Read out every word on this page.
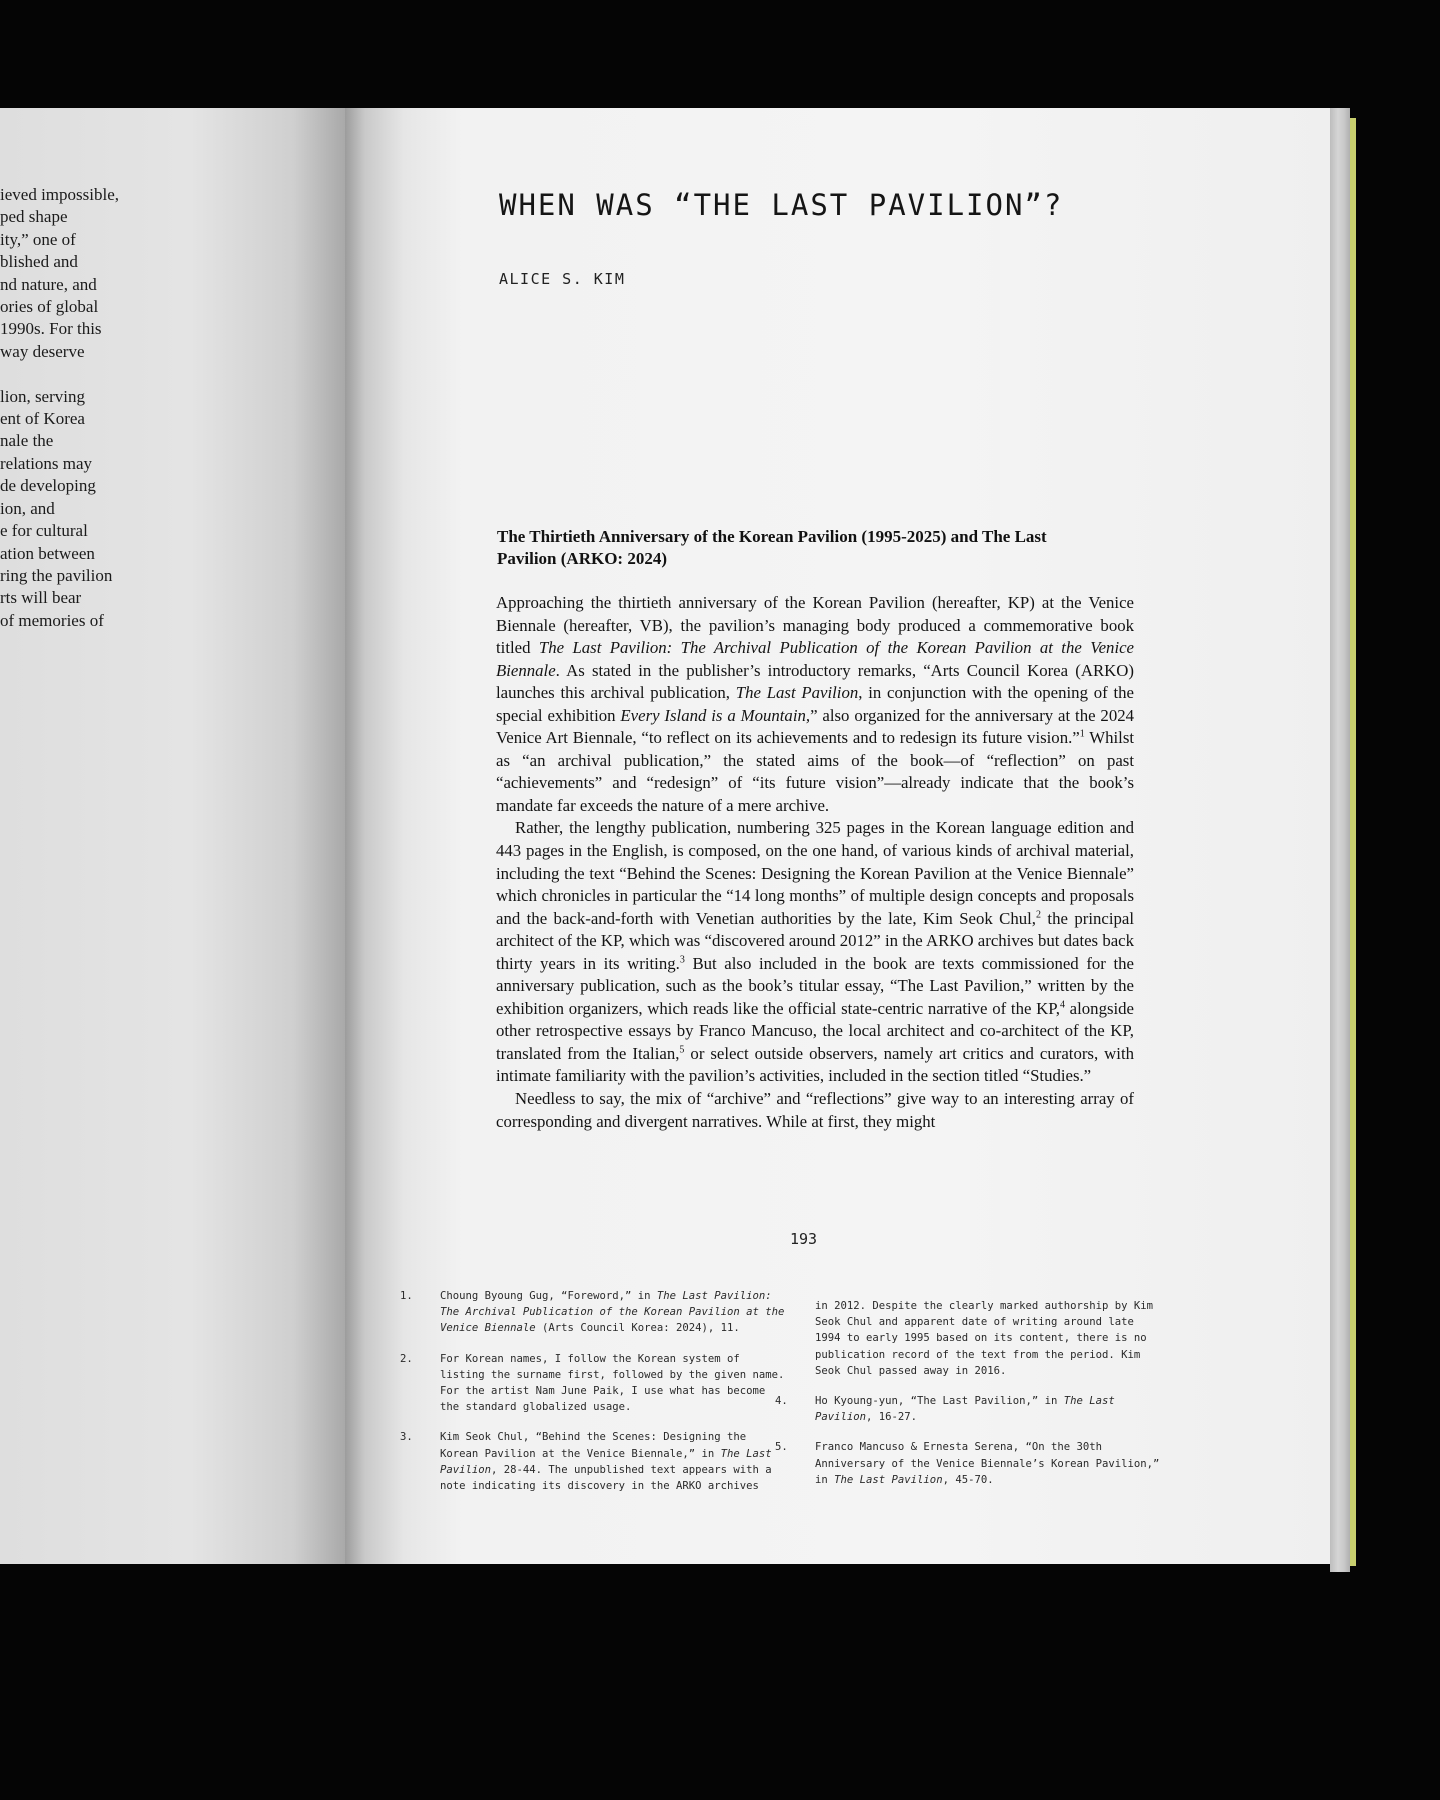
ieved impossible,
ped shape
ity,” one of
blished and
nd nature, and
ories of global
1990s. For this
way deserve

lion, serving
ent of Korea
nale the
relations may
de developing
ion, and
e for cultural
ation between
ring the pavilion
rts will bear
of memories of
WHEN WAS “THE LAST PAVILION”?
ALICE S. KIM
The Thirtieth Anniversary of the Korean Pavilion (1995-2025) and The Last Pavilion (ARKO: 2024)

Approaching the thirtieth anniversary of the Korean Pavilion (hereafter, KP) at the Venice Biennale (hereafter, VB), the pavilion’s managing body produced a commemorative book titled The Last Pavilion: The Archival Publication of the Korean Pavilion at the Venice Biennale. As stated in the publisher’s introductory remarks, “Arts Council Korea (ARKO) launches this archival publication, The Last Pavilion, in conjunction with the opening of the special exhibition Every Island is a Mountain,” also organized for the anniversary at the 2024 Venice Art Biennale, “to reflect on its achievements and to redesign its future vision.”$^1$ Whilst as “an archival publication,” the stated aims of the book—of “reflection” on past “achievements” and “redesign” of “its future vision”—already indicate that the book’s mandate far exceeds the nature of a mere archive.

Rather, the lengthy publication, numbering 325 pages in the Korean language edition and 443 pages in the English, is composed, on the one hand, of various kinds of archival material, including the text “Behind the Scenes: Designing the Korean Pavilion at the Venice Biennale” which chronicles in particular the “14 long months” of multiple design concepts and proposals and the back-and-forth with Venetian authorities by the late, Kim Seok Chul,$^2$ the principal architect of the KP, which was “discovered around 2012” in the ARKO archives but dates back thirty years in its writing.$^3$ But also included in the book are texts commissioned for the anniversary publication, such as the book’s titular essay, “The Last Pavilion,” written by the exhibition organizers, which reads like the official state-centric narrative of the KP,$^4$ alongside other retrospective essays by Franco Mancuso, the local architect and co-architect of the KP, translated from the Italian,$^5$ or select outside observers, namely art critics and curators, with intimate familiarity with the pavilion’s activities, included in the section titled “Studies.”

Needless to say, the mix of “archive” and “reflections” give way to an interesting array of corresponding and divergent narratives. While at first, they might

193
1.	Choung Byoung Gug, “Foreword,” in The Last Pavilion: The Archival Publication of the Korean Pavilion at the Venice Biennale (Arts Council Korea: 2024), 11.
2.	For Korean names, I follow the Korean system of listing the surname first, followed by the given name. For the artist Nam June Paik, I use what has become the standard globalized usage.
3.	Kim Seok Chul, “Behind the Scenes: Designing the Korean Pavilion at the Venice Biennale,” in The Last Pavilion, 28-44. The unpublished text appears with a note indicating its discovery in the ARKO archives
in 2012. Despite the clearly marked authorship by Kim Seok Chul and apparent date of writing around late 1994 to early 1995 based on its content, there is no publication record of the text from the period. Kim Seok Chul passed away in 2016.
4.	Ho Kyoung-yun, “The Last Pavilion,” in The Last Pavilion, 16-27.
5.	Franco Mancuso & Ernesta Serena, “On the 30th Anniversary of the Venice Biennale’s Korean Pavilion,” in The Last Pavilion, 45-70.
